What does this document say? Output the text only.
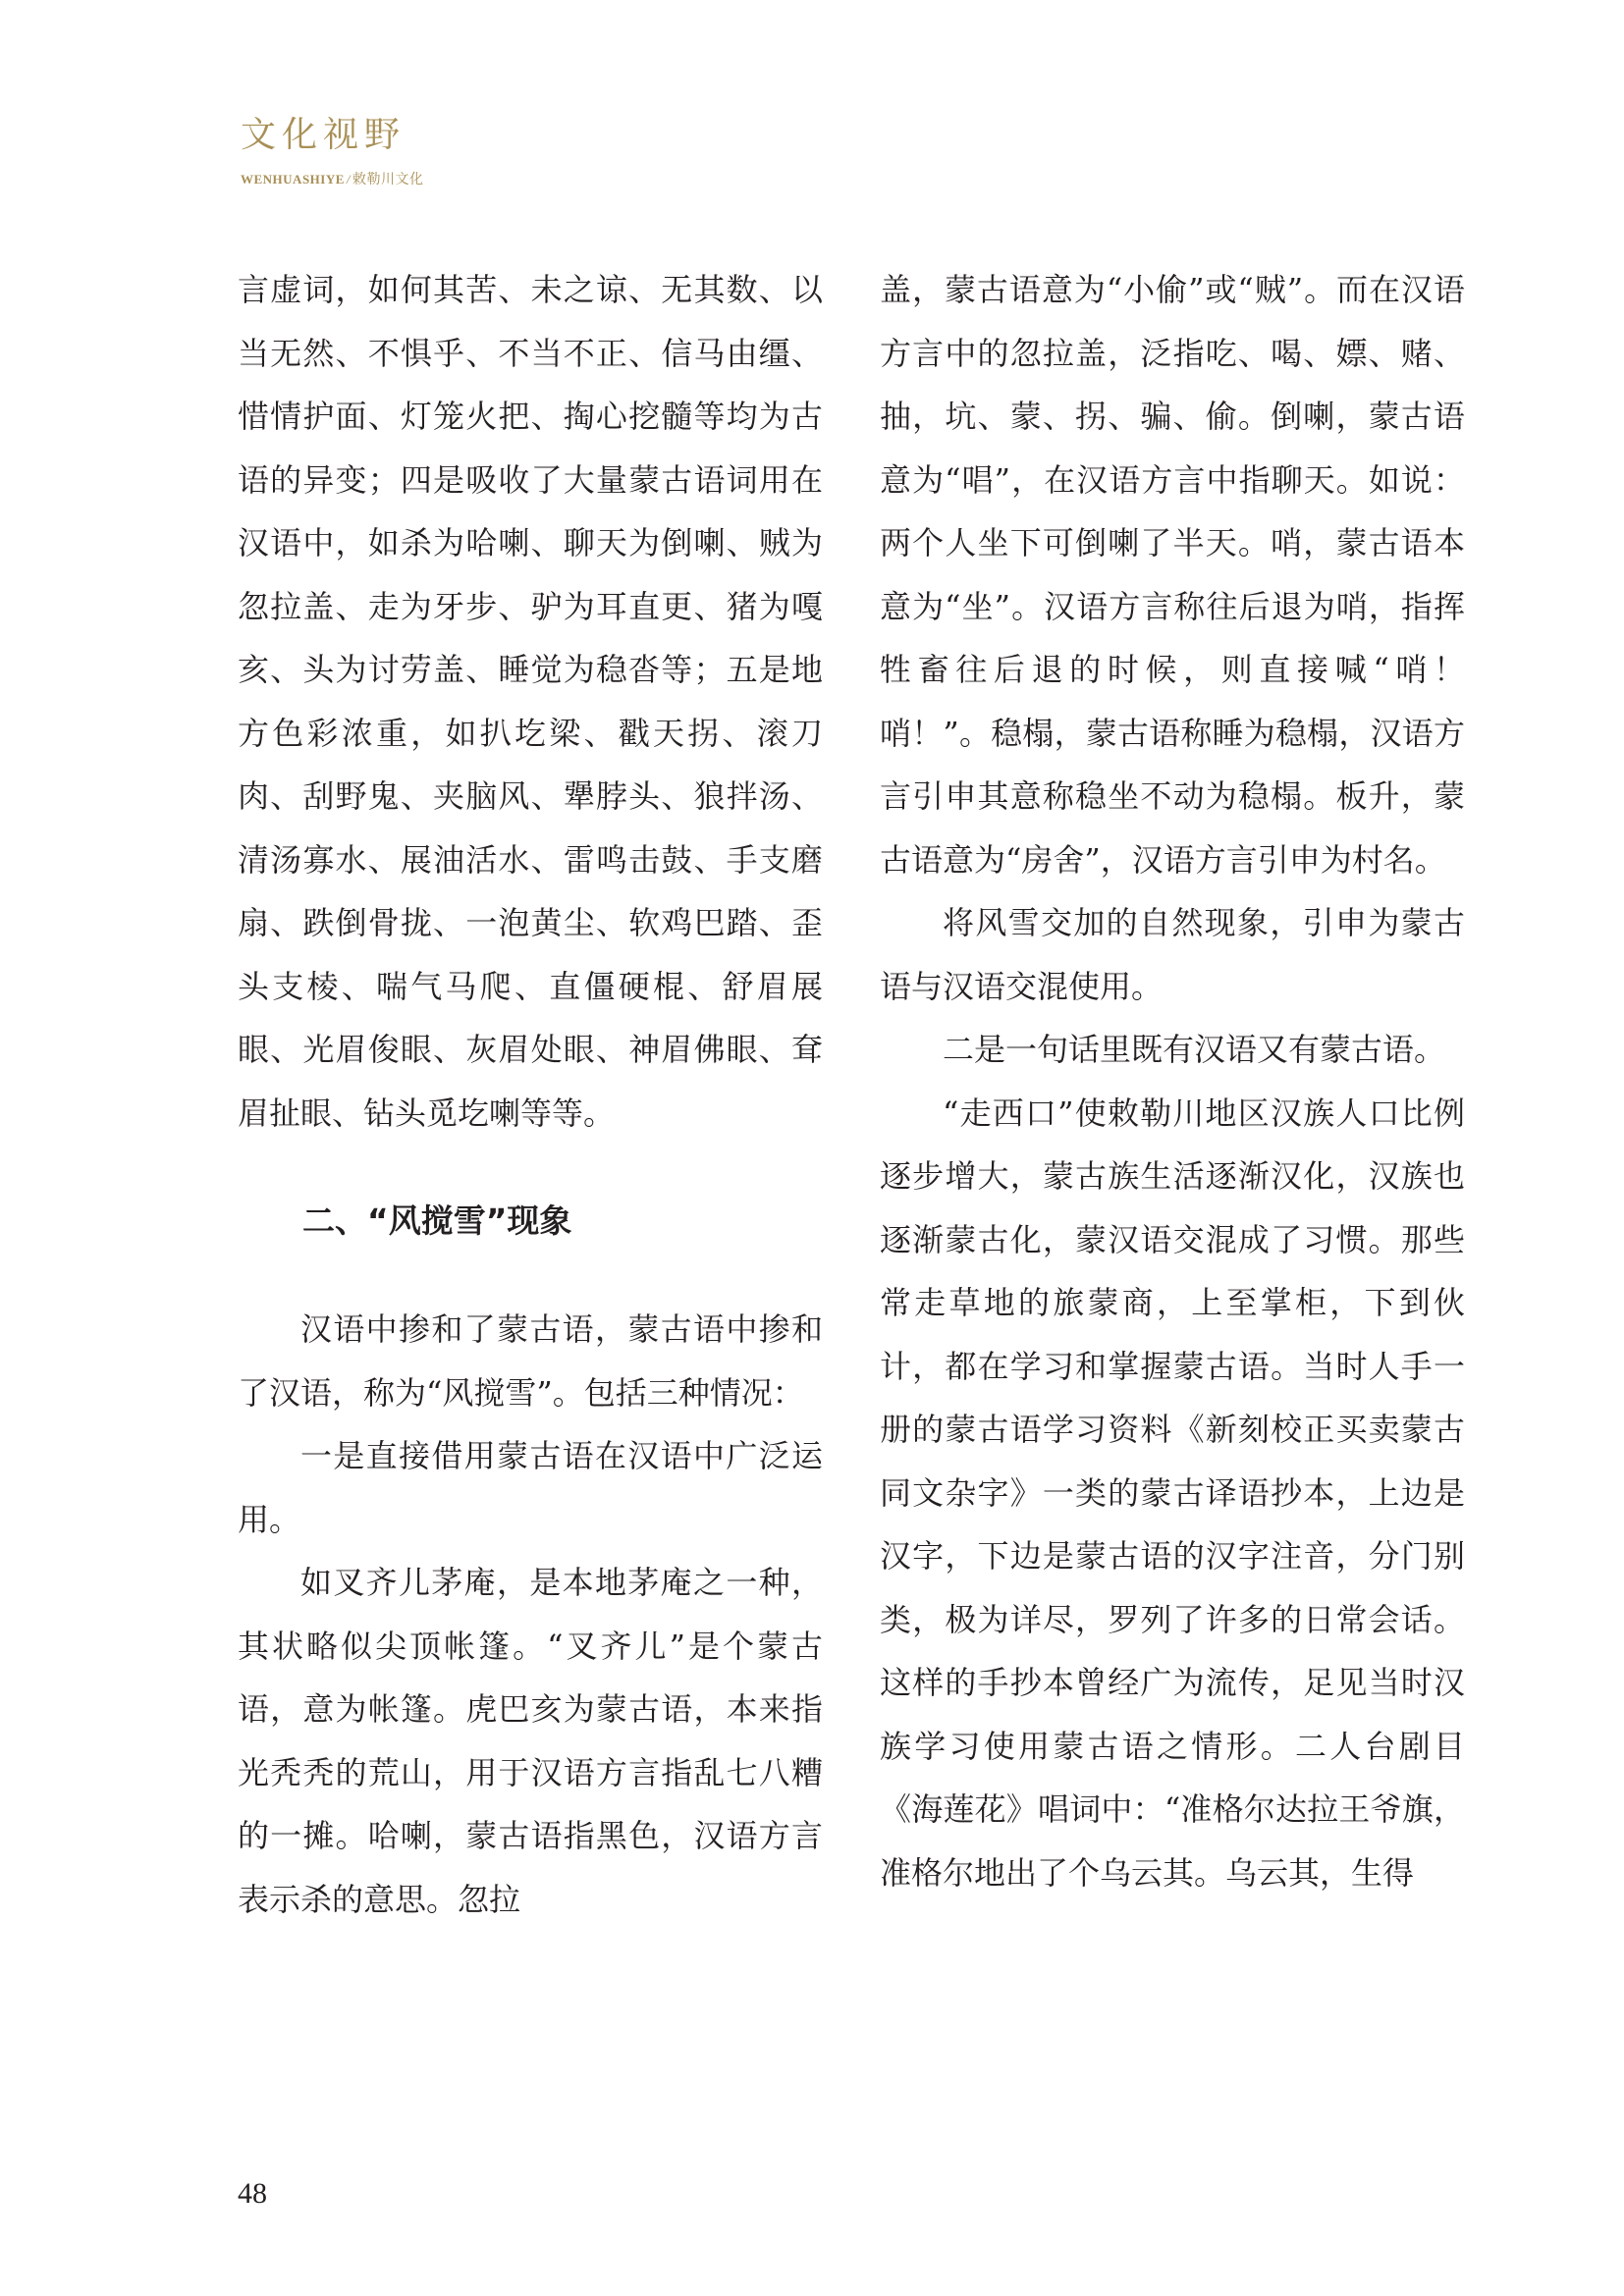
文化视野
WENHUASHIYE / 敕勒川文化

言虚词，如何其苦、未之谅、无其数、以当无然、不惧乎、不当不正、信马由缰、惜情护面、灯笼火把、掏心挖髓等均为古语的异变；四是吸收了大量蒙古语词用在汉语中，如杀为哈喇、聊天为倒喇、贼为忽拉盖、走为牙步、驴为耳直更、猪为嘎亥、头为讨劳盖、睡觉为稳沓等；五是地方色彩浓重，如扒圪梁、戳天拐、滚刀肉、刮野鬼、夹脑风、犟脖头、狼拌汤、清汤寡水、展油活水、雷鸣击鼓、手支磨扇、跌倒骨拢、一泡黄尘、软鸡巴踏、歪头支棱、喘气马爬、直僵硬棍、舒眉展眼、光眉俊眼、灰眉处眼、神眉佛眼、耷眉扯眼、钻头觅圪喇等等。

二、“风搅雪”现象

汉语中掺和了蒙古语，蒙古语中掺和了汉语，称为“风搅雪”。包括三种情况：

一是直接借用蒙古语在汉语中广泛运用。

如叉齐儿茅庵，是本地茅庵之一种，其状略似尖顶帐篷。“叉齐儿”是个蒙古语，意为帐篷。虎巴亥为蒙古语，本来指光秃秃的荒山，用于汉语方言指乱七八糟的一摊。哈喇，蒙古语指黑色，汉语方言表示杀的意思。忽拉

盖，蒙古语意为“小偷”或“贼”。而在汉语方言中的忽拉盖，泛指吃、喝、嫖、赌、抽，坑、蒙、拐、骗、偷。倒喇，蒙古语意为“唱”，在汉语方言中指聊天。如说：两个人坐下可倒喇了半天。哨，蒙古语本意为“坐”。汉语方言称往后退为哨，指挥牲畜往后退的时候，则直接喊“哨！哨！”。稳榻，蒙古语称睡为稳榻，汉语方言引申其意称稳坐不动为稳榻。板升，蒙古语意为“房舍”，汉语方言引申为村名。

将风雪交加的自然现象，引申为蒙古语与汉语交混使用。

二是一句话里既有汉语又有蒙古语。

“走西口”使敕勒川地区汉族人口比例逐步增大，蒙古族生活逐渐汉化，汉族也逐渐蒙古化，蒙汉语交混成了习惯。那些常走草地的旅蒙商，上至掌柜，下到伙计，都在学习和掌握蒙古语。当时人手一册的蒙古语学习资料《新刻校正买卖蒙古同文杂字》一类的蒙古译语抄本，上边是汉字，下边是蒙古语的汉字注音，分门别类，极为详尽，罗列了许多的日常会话。这样的手抄本曾经广为流传，足见当时汉族学习使用蒙古语之情形。二人台剧目《海莲花》唱词中：“准格尔达拉王爷旗，准格尔地出了个乌云其。乌云其，生得

48
